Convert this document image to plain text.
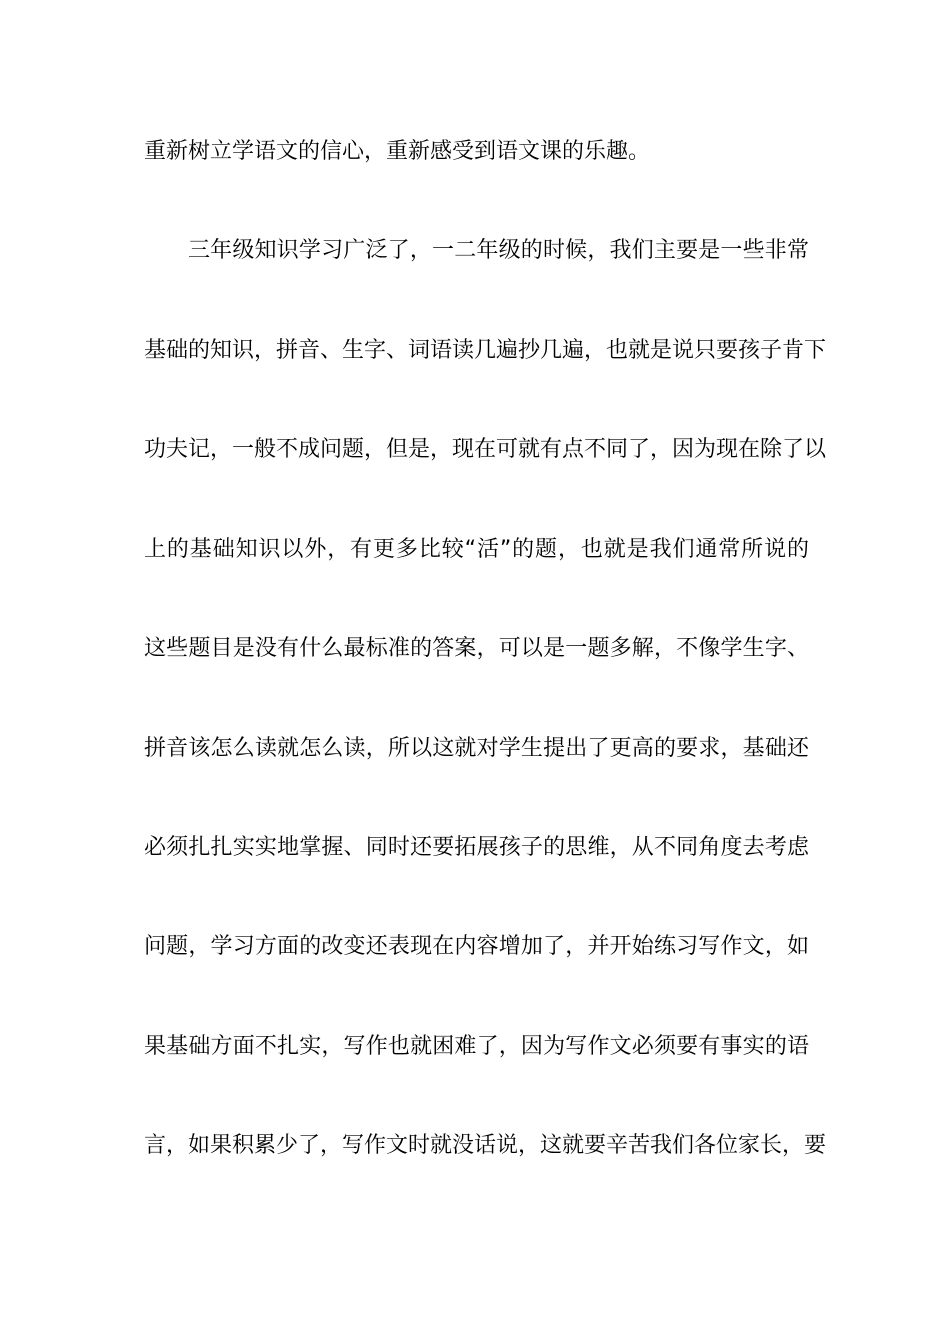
重新树立学语文的信心，重新感受到语文课的乐趣。
三年级知识学习广泛了，一二年级的时候，我们主要是一些非常
基础的知识，拼音、生字、词语读几遍抄几遍，也就是说只要孩子肯下
功夫记，一般不成问题，但是，现在可就有点不同了，因为现在除了以
上的基础知识以外，有更多比较“活”的题，也就是我们通常所说的
这些题目是没有什么最标准的答案，可以是一题多解，不像学生字、
拼音该怎么读就怎么读，所以这就对学生提出了更高的要求，基础还
必须扎扎实实地掌握、同时还要拓展孩子的思维，从不同角度去考虑
问题，学习方面的改变还表现在内容增加了，并开始练习写作文，如
果基础方面不扎实，写作也就困难了，因为写作文必须要有事实的语
言，如果积累少了，写作文时就没话说，这就要辛苦我们各位家长，要
